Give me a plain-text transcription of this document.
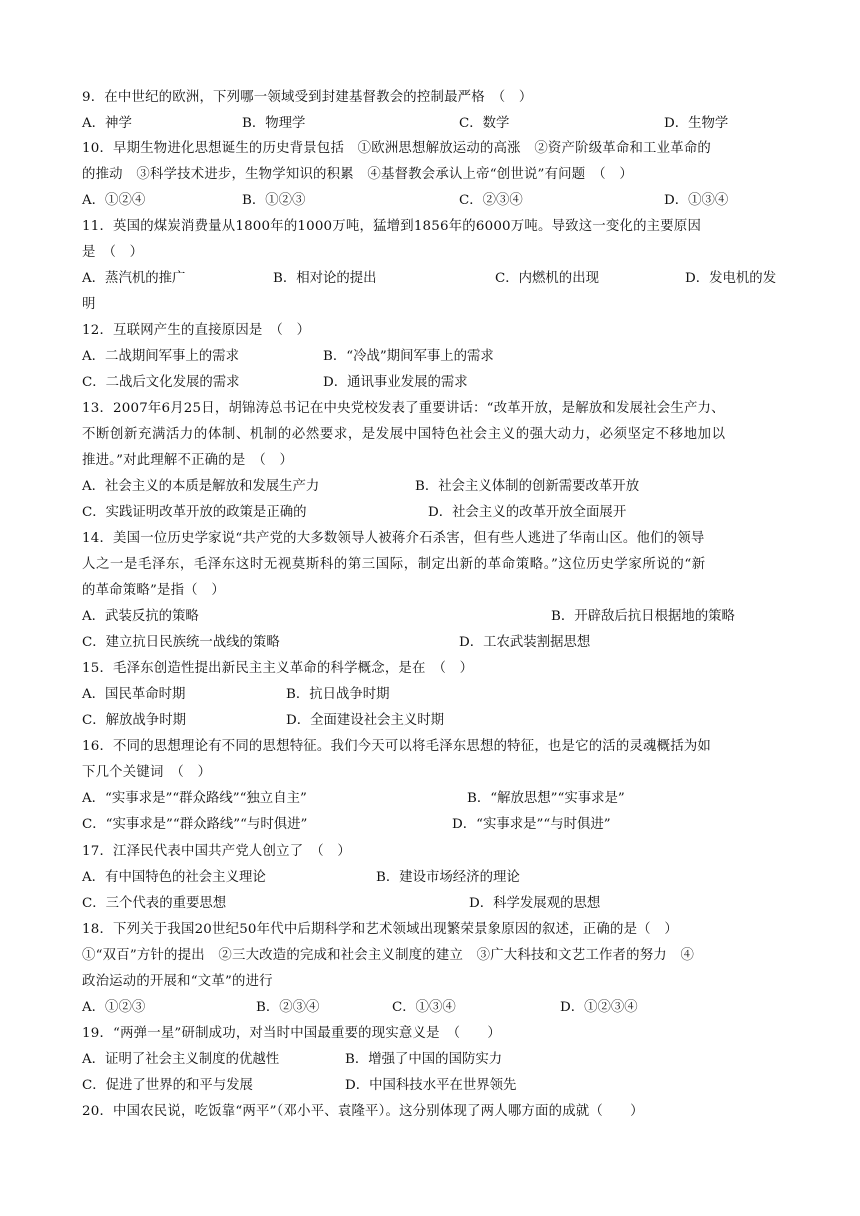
9．在中世纪的欧洲，下列哪一领域受到封建基督教会的控制最严格　（　）
A．神学	B．物理学	C．数学	D．生物学
10．早期生物进化思想诞生的历史背景包括　①欧洲思想解放运动的高涨　②资产阶级革命和工业革命的
的推动　③科学技术进步，生物学知识的积累　④基督教会承认上帝“创世说”有问题　（　）
A．①②④	B．①②③	C．②③④	D．①③④
11．英国的煤炭消费量从1800年的1000万吨，猛增到1856年的6000万吨。导致这一变化的主要原因
是　（　）
A．蒸汽机的推广	B．相对论的提出	C．内燃机的出现	D．发电机的发
明
12．互联网产生的直接原因是　（　）
A．二战期间军事上的需求	B．“冷战”期间军事上的需求
C．二战后文化发展的需求	D．通讯事业发展的需求
13．2007年6月25日，胡锦涛总书记在中央党校发表了重要讲话：“改革开放，是解放和发展社会生产力、
不断创新充满活力的体制、机制的必然要求，是发展中国特色社会主义的强大动力，必须坚定不移地加以
推进。”对此理解不正确的是　（　）
A．社会主义的本质是解放和发展生产力	B．社会主义体制的创新需要改革开放
C．实践证明改革开放的政策是正确的	D．社会主义的改革开放全面展开
14．美国一位历史学家说“共产党的大多数领导人被蒋介石杀害，但有些人逃进了华南山区。他们的领导
人之一是毛泽东，毛泽东这时无视莫斯科的第三国际，制定出新的革命策略。”这位历史学家所说的“新
的革命策略”是指（　）
A．武装反抗的策略	B．开辟敌后抗日根据地的策略
C．建立抗日民族统一战线的策略	D．工农武装割据思想
15．毛泽东创造性提出新民主主义革命的科学概念，是在　（　）
A．国民革命时期	B．抗日战争时期
C．解放战争时期	D．全面建设社会主义时期
16．不同的思想理论有不同的思想特征。我们今天可以将毛泽东思想的特征，也是它的活的灵魂概括为如
下几个关键词　（　）
A．“实事求是”“群众路线”“独立自主”	B．“解放思想”“实事求是”
C．“实事求是”“群众路线”“与时俱进”	D．“实事求是”“与时俱进”
17．江泽民代表中国共产党人创立了　（　）
A．有中国特色的社会主义理论	B．建设市场经济的理论
C．三个代表的重要思想	D．科学发展观的思想
18．下列关于我国20世纪50年代中后期科学和艺术领域出现繁荣景象原因的叙述，正确的是（　）
①“双百”方针的提出　②三大改造的完成和社会主义制度的建立　③广大科技和文艺工作者的努力　④
政治运动的开展和“文革”的进行
A．①②③	B．②③④	C．①③④	D．①②③④
19．“两弹一星”研制成功，对当时中国最重要的现实意义是　（　　）
A．证明了社会主义制度的优越性	B．增强了中国的国防实力
C．促进了世界的和平与发展	D．中国科技水平在世界领先
20．中国农民说，吃饭靠“两平”（邓小平、袁隆平）。这分别体现了两人哪方面的成就（　　）
